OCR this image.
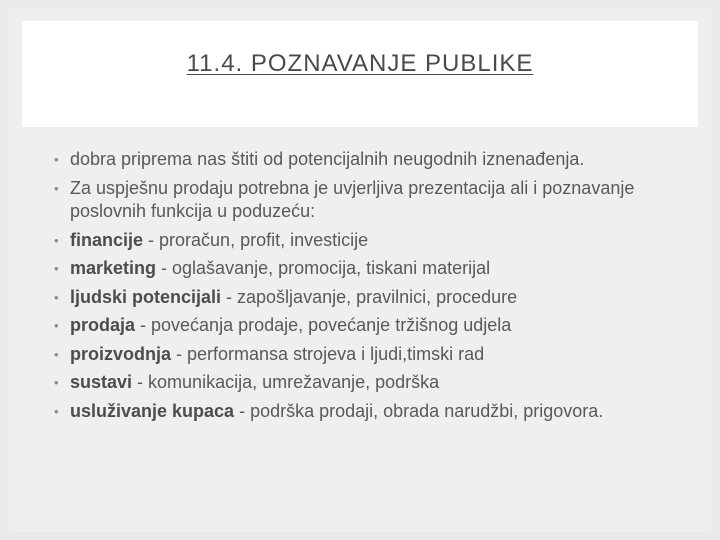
11.4. POZNAVANJE PUBLIKE
• dobra priprema nas štiti od potencijalnih neugodnih iznenađenja.
• Za uspješnu prodaju potrebna je uvjerljiva prezentacija ali i poznavanje poslovnih funkcija u poduzeću:
• financije - proračun, profit, investicije
• marketing - oglašavanje, promocija, tiskani materijal
• ljudski potencijali - zapošljavanje, pravilnici, procedure
• prodaja - povećanja prodaje, povećanje tržišnog udjela
• proizvodnja - performansa strojeva i ljudi,timski rad
• sustavi - komunikacija, umrežavanje, podrška
• usluživanje kupaca - podrška prodaji, obrada narudžbi, prigovora.
